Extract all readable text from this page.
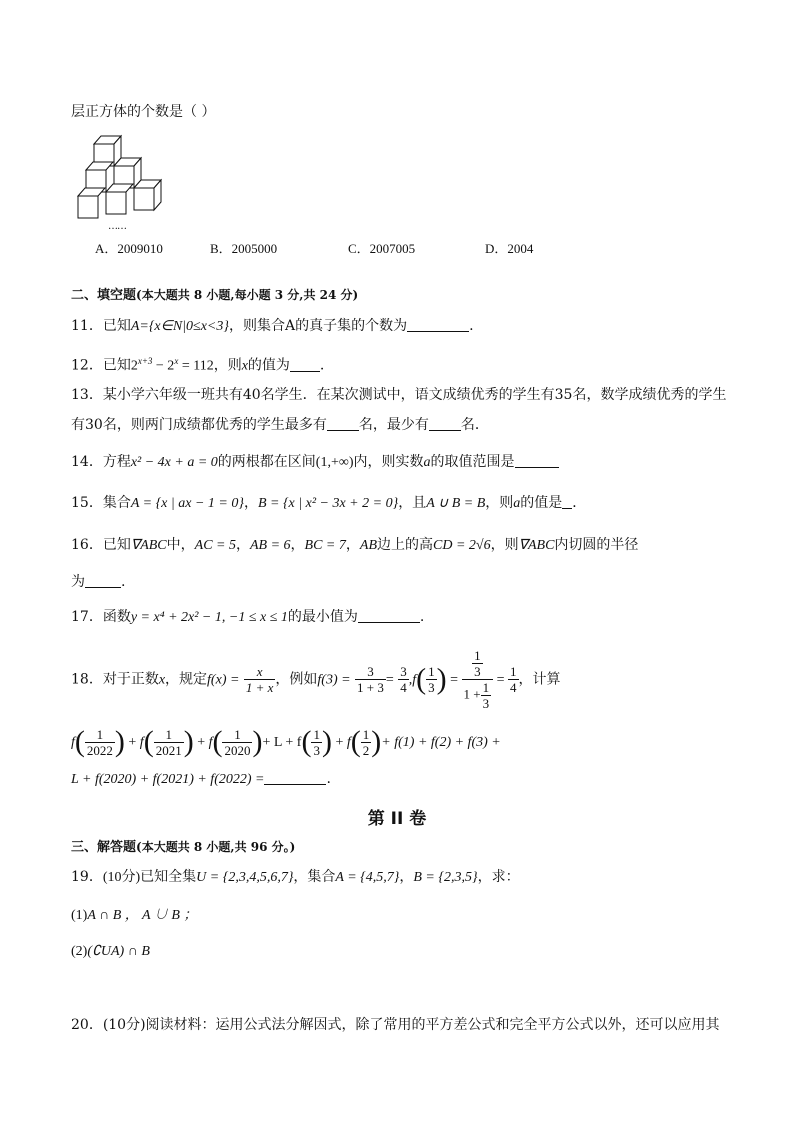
层正方体的个数是（ ）
……
A．2009010	B．2005000	C．2007005	D．2004
二、填空题(本大题共 8 小题,每小题 3 分,共 24 分)
11．已知A={x∈N|0≤x<3}，则集合A的真子集的个数为	.
12．已知$2^{x+3} - 2^x = 112$，则x的值为 .
13．某小学六年级一班共有40名学生．在某次测试中，语文成绩优秀的学生有35名，数学成绩优秀的学生
有30名，则两门成绩都优秀的学生最多有 名，最少有 名．
14．方程x² − 4x + a = 0的两根都在区间(1,+∞)内，则实数a的取值范围是
15．集合A = {x | ax − 1 = 0}，B = {x | x² − 3x + 2 = 0}，且A ∪ B = B，则a的值是 ．
16．已知∇ABC中，AC = 5，AB = 6，BC = 7，AB边上的高CD = 2√6，则∇ABC内切圆的半径
为	.
17．函数y = x⁴ + 2x² − 1, −1 ≤ x ≤ 1的最小值为	.
18．对于正数x，规定$f(x) = \frac{x}{1 + x}$ ，例如$f(3) = \frac{3}{1 + 3} = \frac{3}{4} ,f( \frac{1}{3}$ ) = $\frac{\frac{1}{3}}{1 + \frac{1}{3}} = \frac{1}{4}$ ，计算
$f( \frac{1}{2022}$ ) + $f( \frac{1}{2021}$ ) + $f( \frac{1}{2020}$ )+ $L + f( \frac{1}{3}$ ) + $f( \frac{1}{2}$ )+ f(1) + f(2) + f(3) +
L + f(2020) + f(2021) + f(2022) =	.
第 II 卷
三、解答题(本大题共 8 小题,共 96 分。)
19．(10分)已知全集U = {2,3,4,5,6,7}，集合A = {4,5,7}，B = {2,3,5}，求：
(1)A ∩ B ， A ∪ B ；
(2)(∁UA) ∩ B
20．(10分)阅读材料：运用公式法分解因式，除了常用的平方差公式和完全平方公式以外，还可以应用其
